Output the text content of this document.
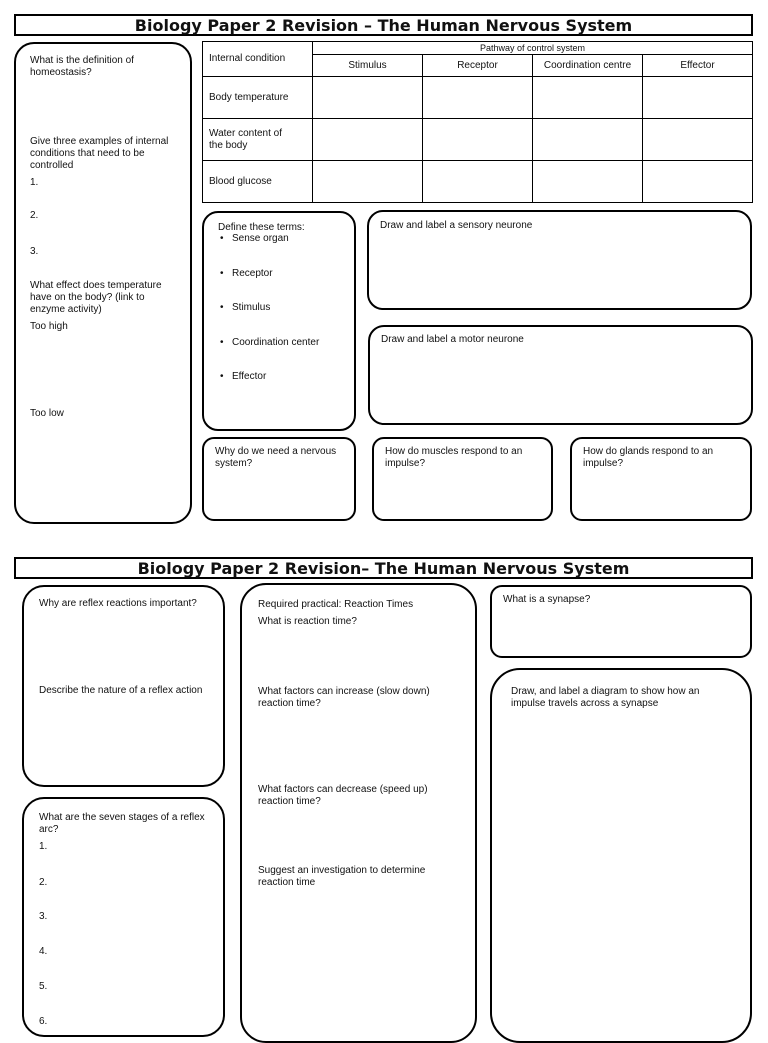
Biology Paper 2 Revision – The Human Nervous System
What is the definition of homeostasis?
Give three examples of internal conditions that need to be controlled
1.
2.
3.
What effect does temperature have on the body? (link to enzyme activity)
Too high
Too low
Internal condition	Pathway of control system			
	Stimulus	Receptor	Coordination centre	Effector
Body temperature				
Water content of the body				
Blood glucose				
Define these terms:
• Sense organ
• Receptor
• Stimulus
• Coordination center
• Effector
Draw and label a sensory neurone
Draw and label a motor neurone
Why do we need a nervous system?
How do muscles respond to an impulse?
How do glands respond to an impulse?
Biology Paper 2 Revision– The Human Nervous System
Why are reflex reactions important?
Describe the nature of a reflex action
What are the seven stages of a reflex arc?
1.
2.
3.
4.
5.
6.
Required practical: Reaction Times
What is reaction time?
What factors can increase (slow down) reaction time?
What factors can decrease (speed up) reaction time?
Suggest an investigation to determine reaction time
What is a synapse?
Draw, and label a diagram to show how an impulse travels across a synapse
